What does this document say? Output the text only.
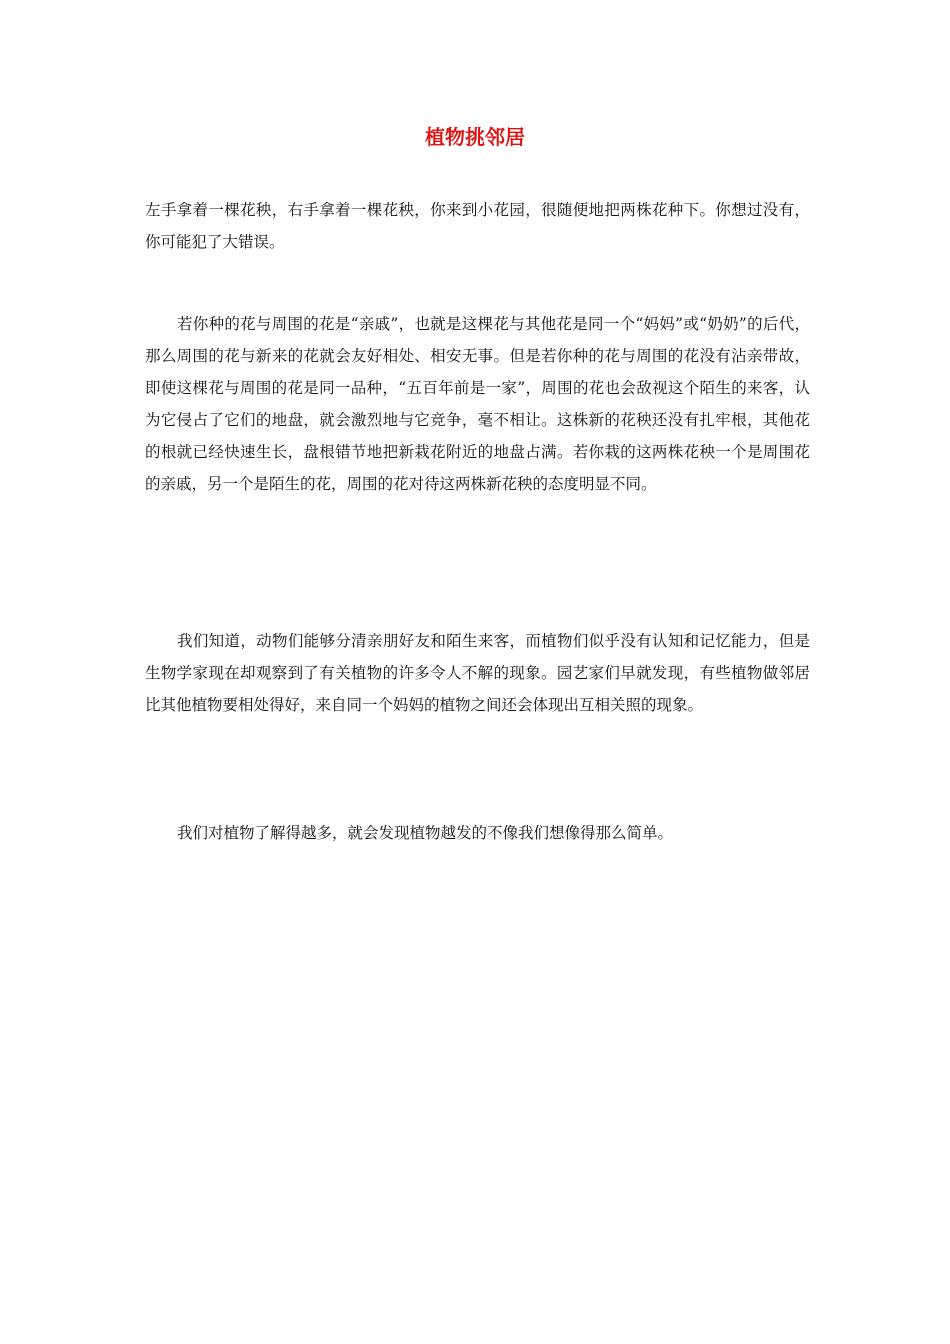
植物挑邻居

左手拿着一棵花秧，右手拿着一棵花秧，你来到小花园，很随便地把两株花种下。你想过没有，你可能犯了大错误。

若你种的花与周围的花是“亲戚”，也就是这棵花与其他花是同一个“妈妈”或“奶奶”的后代，那么周围的花与新来的花就会友好相处、相安无事。但是若你种的花与周围的花没有沾亲带故，即使这棵花与周围的花是同一品种，“五百年前是一家”，周围的花也会敌视这个陌生的来客，认为它侵占了它们的地盘，就会激烈地与它竞争，毫不相让。这株新的花秧还没有扎牢根，其他花的根就已经快速生长，盘根错节地把新栽花附近的地盘占满。若你栽的这两株花秧一个是周围花的亲戚，另一个是陌生的花，周围的花对待这两株新花秧的态度明显不同。

我们知道，动物们能够分清亲朋好友和陌生来客，而植物们似乎没有认知和记忆能力，但是生物学家现在却观察到了有关植物的许多令人不解的现象。园艺家们早就发现，有些植物做邻居比其他植物要相处得好，来自同一个妈妈的植物之间还会体现出互相关照的现象。

我们对植物了解得越多，就会发现植物越发的不像我们想像得那么简单。
